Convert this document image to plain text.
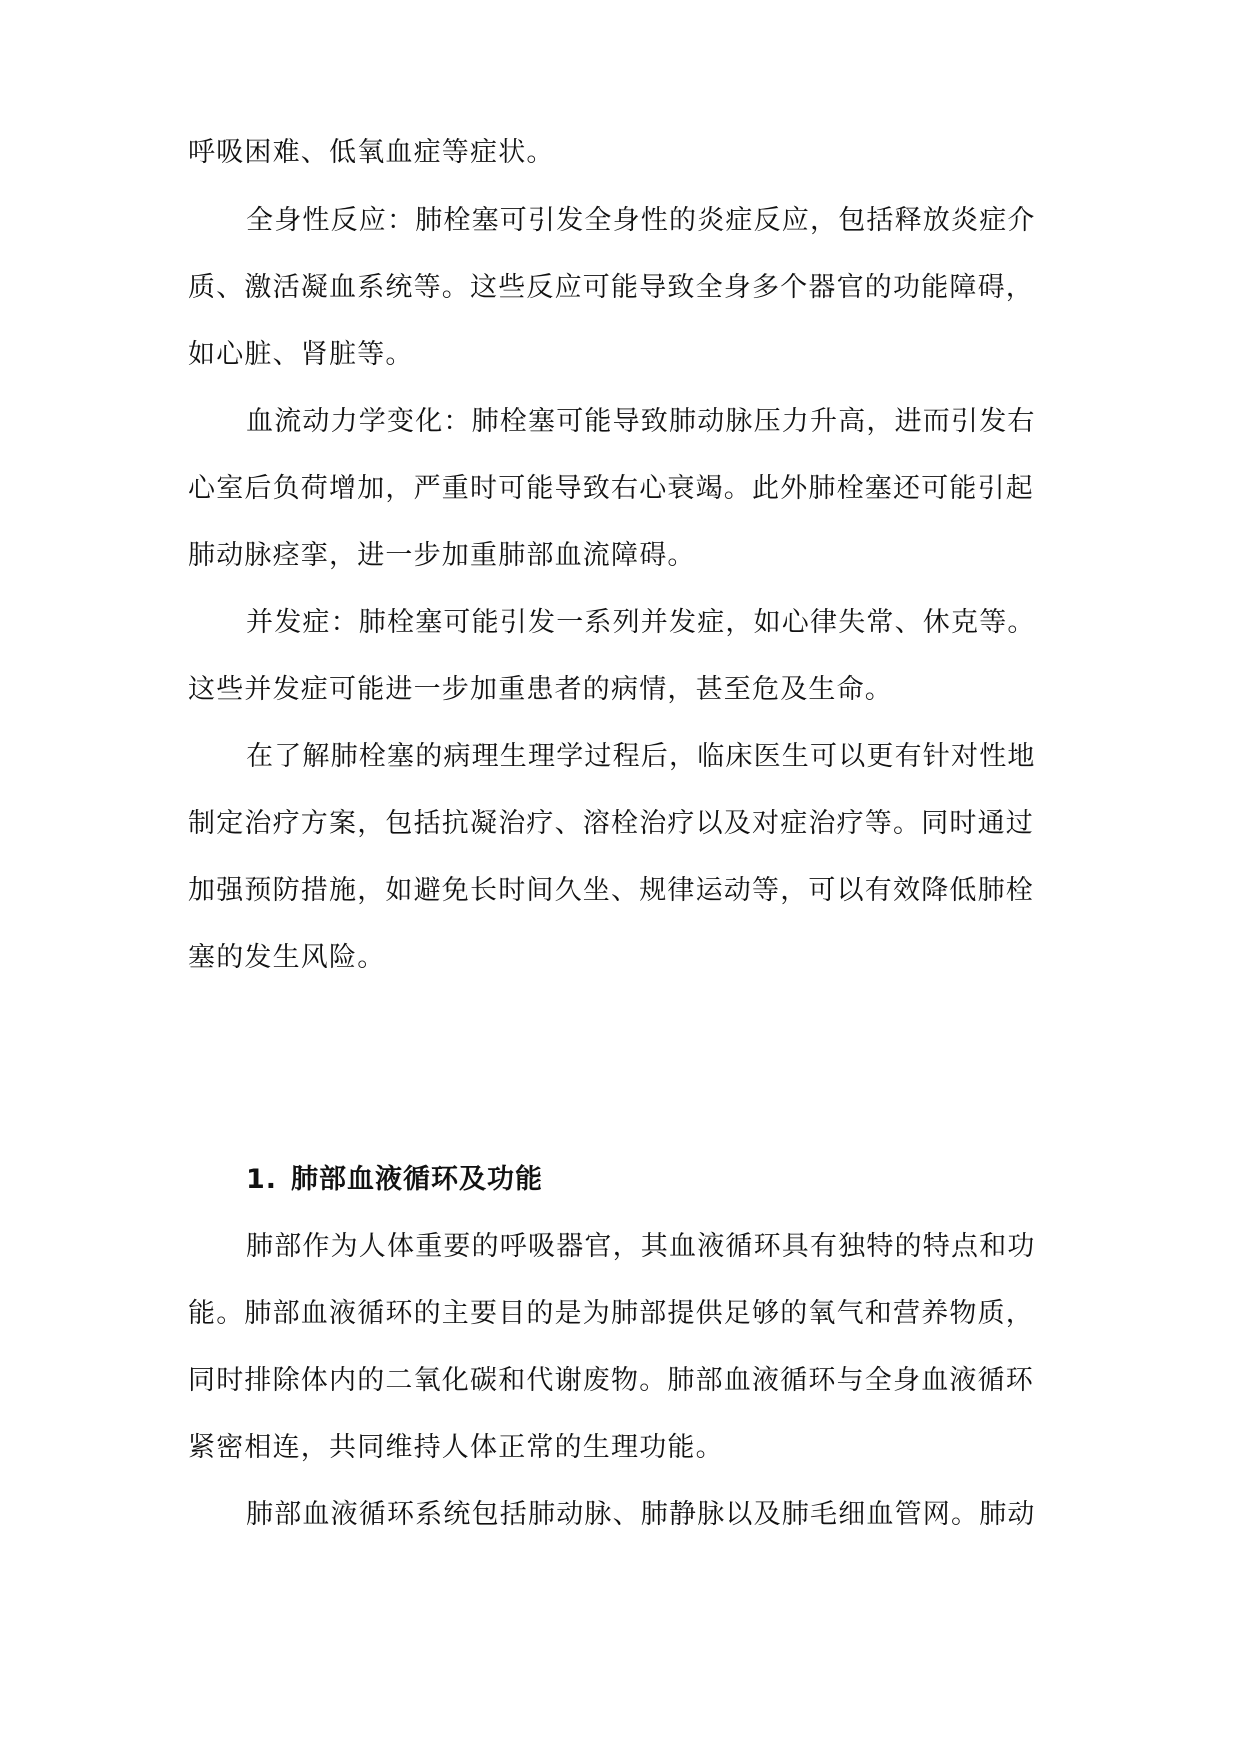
呼吸困难、低氧血症等症状。
全身性反应：肺栓塞可引发全身性的炎症反应，包括释放炎症介
质、激活凝血系统等。这些反应可能导致全身多个器官的功能障碍，
如心脏、肾脏等。
血流动力学变化：肺栓塞可能导致肺动脉压力升高，进而引发右
心室后负荷增加，严重时可能导致右心衰竭。此外肺栓塞还可能引起
肺动脉痉挛，进一步加重肺部血流障碍。
并发症：肺栓塞可能引发一系列并发症，如心律失常、休克等。
这些并发症可能进一步加重患者的病情，甚至危及生命。
在了解肺栓塞的病理生理学过程后，临床医生可以更有针对性地
制定治疗方案，包括抗凝治疗、溶栓治疗以及对症治疗等。同时通过
加强预防措施，如避免长时间久坐、规律运动等，可以有效降低肺栓
塞的发生风险。
1. 肺部血液循环及功能
肺部作为人体重要的呼吸器官，其血液循环具有独特的特点和功
能。肺部血液循环的主要目的是为肺部提供足够的氧气和营养物质，
同时排除体内的二氧化碳和代谢废物。肺部血液循环与全身血液循环
紧密相连，共同维持人体正常的生理功能。
肺部血液循环系统包括肺动脉、肺静脉以及肺毛细血管网。肺动
